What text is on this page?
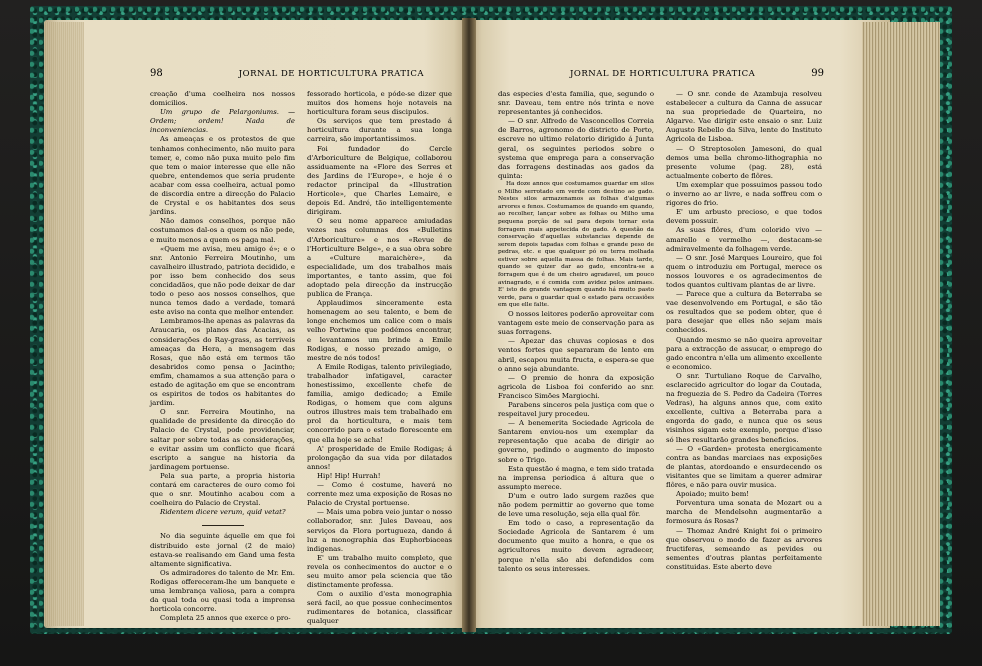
98	JORNAL DE HORTICULTURA PRATICA

creação d'uma coelheira nos nossos domicilios.

Um grupo de Pelargoniums. — Ordem; ordem! Nada de inconveniencias.

As ameaças e os protestos de que tenhamos conhecimento, não muito para temer, e, como não puxa muito pelo fim que tem o maior interesse que elle não quebre, entendemos que seria prudente acabar com essa coelheira, actual pomo de discordia entre a direcção do Palacio de Crystal e os habitantes dos seus jardins.

Não damos conselhos, porque não costumamos dal-os a quem os não pede, e muito menos a quem os paga mal.

«Quem me avisa, meu amigo é»; e o snr. Antonio Ferreira Moutinho, um cavalheiro illustrado, patriota decidido, e por isso bem conhecido dos seus concidadãos, que não pode deixar de dar todo o peso aos nossos conselhos, que nunca temos dado a verdade, tomará este aviso na conta que melhor entender.

Lembramos-lhe apenas as palavras da Araucaria, os planos das Acacias, as considerações do Ray-grass, as terriveis ameaças da Hera, a mensagem das Rosas, que não está em termos tão desabridos como pensa o Jacintho; emfim, chamamos a sua attenção para o estado de agitação em que se encontram os espiritos de todos os habitantes do jardim.

O snr. Ferreira Moutinho, na qualidade de presidente da direcção do Palacio de Crystal, pode providenciar, saltar por sobre todas as considerações, e evitar assim um conflicto que ficará escripto a sangue na historia da jardinagem portuense.

Pela sua parte, a propria historia contará em caracteres de ouro como foi que o snr. Moutinho acabou com a coelheira do Palacio de Crystal.

Ridentem dicere verum, quid vetat?

No dia seguinte áquelle em que foi distribuido este jornal (2 de maio) estava-se realisando em Gand uma festa altamente significativa.

Os admiradores do talento de Mr. Em. Rodigas offereceram-lhe um banquete e uma lembrança valiosa, para a compra da qual toda ou quasi toda a imprensa horticola concorre.

Completa 25 annos que exerce o pro-

fessorado horticola, e póde-se dizer que muitos dos homens hoje notaveis na horticultura foram seus discipulos.

Os serviços que tem prestado á horticultura durante a sua longa carreira, são importantissimos.

Foi fundador do Cercle d'Arboriculture de Belgique, collaborou assiduamente na «Flore des Serres et des Jardins de l'Europe», e hoje é o redactor principal da «Illustration Horticole», que Charles Lemaire, e depois Ed. André, tão intelligentemente dirigiram.

O seu nome apparece amiudadas vezes nas columnas dos «Bulletins d'Arboriculture» e nos «Revue de l'Horticulture Belge», e a sua obra sobre a «Culture maraichère», da especialidade, um dos trabalhos mais importantes, e tanto assim, que foi adoptado pela direcção da instrucção publica de França.

Applaudimos sinceramente esta homenagem ao seu talento, e bem de longe enchemos um calice com o mais velho Portwine que podémos encontrar, e levantamos um brinde a Emile Rodigas, e nosso prezado amigo, o mestre de nós todos!

A Emile Rodigas, talento privilegiado, trabalhador infatigavel, caracter honestissimo, excellente chefe de familia, amigo dedicado; a Emile Rodigas, o homem que com alguns outros illustres mais tem trabalhado em prol da horticultura, e mais tem concorrido para o estado florescente em que ella hoje se acha!

A' prosperidade de Emile Rodigas; á prolongação da sua vida por dilatados annos!

Hip! Hip! Hurrah!

— Como é costume, haverá no corrente mez uma exposição de Rosas no Palacio de Crystal portuense.

— Mais uma pobra veio juntar o nosso collaborador, snr. Jules Daveau, aos serviços da Flora portugueza, dando á luz a monographia das Euphorbiaceas indigenas.

E' um trabalho muito completo, que revela os conhecimentos do auctor e o seu muito amor pela sciencia que tão distinctamente professa.

Com o auxilio d'esta monographia será facil, ao que possue conhecimentos rudimentares de botanica, classificar qualquer

JORNAL DE HORTICULTURA PRATICA	99

das especies d'esta familia, que, segundo o snr. Daveau, tem entre nós trinta e nove representantes já conhecidos.

— O snr. Alfredo de Vasconcellos Correia de Barros, agronomo do districto de Porto, escreve no ultimo relatorio dirigido á Junta geral, os seguintes periodos sobre o systema que emprega para a conservação das forragens destinadas aos gados da quinta:

Ha doze annos que costumamos guardar em silos o Milho serrotado em verde com destino ao gado. Nestes silos armazenamos as folhas d'algumas arvores e fenos. Costumamos de quando em quando, ao recolher, lançar sobre as folhas ou Milho uma pequena porção de sal para depois tornar esta forragem mais appetecida do gado. A questão da conservação d'aquellas substancias depende de serem depois tapadas com folhas e grande peso de pedras, etc. e que qualquer pó ou terra molhada estiver sobre aquella massa de folhas. Mais tarde, quando se quizer dar ao gado, encontra-se a forragem que é de um cheiro agradavel, um pouco avinagrado, e é comida com avidez pelos animaes. E' isto de grande vantagem quando há muito pasto verde, para o guardar qual o estado para occasiões em que elle falte.

O nossos leitores poderão aproveitar com vantagem este meio de conservação para as suas forragens.

— Apezar das chuvas copiosas e dos ventos fortes que separaram de lento em abril, escapou muita fructa, e espera-se que o anno seja abundante.

— O premio de honra da exposição agricola de Lisboa foi conferido ao snr. Francisco Simões Margiochi.

Parabens sinceros pela justiça com que o respeitavel jury procedeu.

— A benemerita Sociedade Agricola de Santarem enviou-nos um exemplar da representação que acaba de dirigir ao governo, pedindo o augmento do imposto sobre o Trigo.

Esta questão é magna, e tem sido tratada na imprensa periodica á altura que o assumpto merece.

D'um e outro lado surgem razões que não podem permittir ao governo que tome de leve uma resolução, seja ella qual fôr.

Em todo o caso, a representação da Sociedade Agricola de Santarem é um documento que muito a honra, e que os agricultores muito devem agradecer, porque n'ella são abi defendidos com talento os seus interesses.

— O snr. conde de Azambuja resolveu estabelecer a cultura da Canna de assucar na sua propriedade de Quarteira, no Algarve. Vae dirigir este ensaio o snr. Luiz Augusto Rebello da Silva, lente do Instituto Agricola de Lisboa.

— O Streptosolen Jamesoni, do qual demos uma bella chromo-lithographia no presente volume (pag. 28), está actualmente coberto de flôres.

Um exemplar que possuimos passou todo o inverno ao ar livre, e nada soffreu com o rigores do frio.

E' um arbusto precioso, e que todos devem possuir.

As suas flôres, d'um colorido vivo — amarello e vermelho —, destacam-se admiravelmente da folhagem verde.

— O snr. José Marques Loureiro, que foi quem o introduziu em Portugal, merece os nossos louvores e os agradecimentos de todos quantos cultivam plantas de ar livre.

— Parece que a cultura da Beterraba se vae desenvolvendo em Portugal, e são tão os resultados que se podem obter, que é para desejar que elles não sejam mais conhecidos.

Quando mesmo se não queira aproveitar para a extracção de assucar, o emprego do gado encontra n'ella um alimento excellente e economico.

O snr. Turtuliano Roque de Carvalho, esclarecido agricultor do logar da Coutada, na freguezia de S. Pedro da Cadeira (Torres Vedras), ha alguns annos que, com exito excellente, cultiva a Beterraba para a engorda do gado, e nunca que os seus visinhos sigam este exemplo, porque d'isso só lhes resultarão grandes beneficios.

— O «Garden» protesta energicamente contra as bandas marciaes nas exposições de plantas, atordoando e ensurdecendo os visitantes que se limitam a querer admirar flôres, e não para ouvir musica.

Apoiado; muito bem!

Porventura uma sonata de Mozart ou a marcha de Mendelsohn augmentarão a formosura ás Rosas?

— Thomaz André Knight foi o primeiro que observou o modo de fazer as arvores fructiferas, semeando as pevides ou sementes d'outras plantas perfeitamente constituidas. Este aberto deve
